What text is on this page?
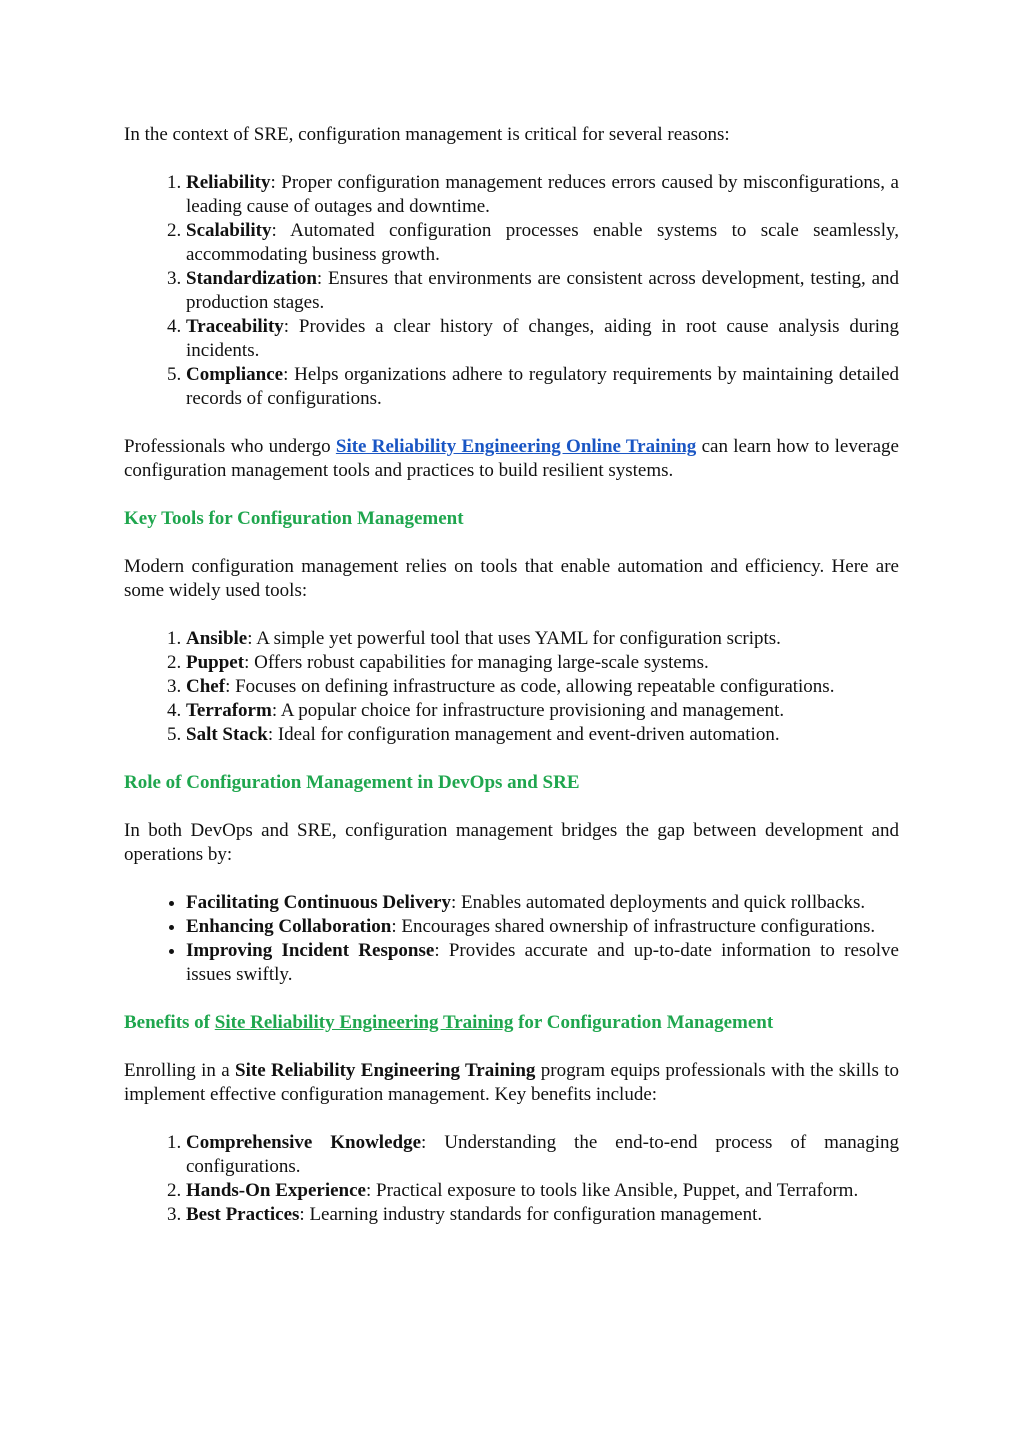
In the context of SRE, configuration management is critical for several reasons:

1. Reliability: Proper configuration management reduces errors caused by misconfigurations, a leading cause of outages and downtime.
2. Scalability: Automated configuration processes enable systems to scale seamlessly, accommodating business growth.
3. Standardization: Ensures that environments are consistent across development, testing, and production stages.
4. Traceability: Provides a clear history of changes, aiding in root cause analysis during incidents.
5. Compliance: Helps organizations adhere to regulatory requirements by maintaining detailed records of configurations.

Professionals who undergo Site Reliability Engineering Online Training can learn how to leverage configuration management tools and practices to build resilient systems.

Key Tools for Configuration Management

Modern configuration management relies on tools that enable automation and efficiency. Here are some widely used tools:

1. Ansible: A simple yet powerful tool that uses YAML for configuration scripts.
2. Puppet: Offers robust capabilities for managing large-scale systems.
3. Chef: Focuses on defining infrastructure as code, allowing repeatable configurations.
4. Terraform: A popular choice for infrastructure provisioning and management.
5. Salt Stack: Ideal for configuration management and event-driven automation.
Role of Configuration Management in DevOps and SRE

In both DevOps and SRE, configuration management bridges the gap between development and operations by:

• Facilitating Continuous Delivery: Enables automated deployments and quick rollbacks.
• Enhancing Collaboration: Encourages shared ownership of infrastructure configurations.
• Improving Incident Response: Provides accurate and up-to-date information to resolve issues swiftly.
Benefits of Site Reliability Engineering Training for Configuration Management

Enrolling in a Site Reliability Engineering Training program equips professionals with the skills to implement effective configuration management. Key benefits include:

1. Comprehensive Knowledge: Understanding the end-to-end process of managing configurations.
2. Hands-On Experience: Practical exposure to tools like Ansible, Puppet, and Terraform.
3. Best Practices: Learning industry standards for configuration management.
